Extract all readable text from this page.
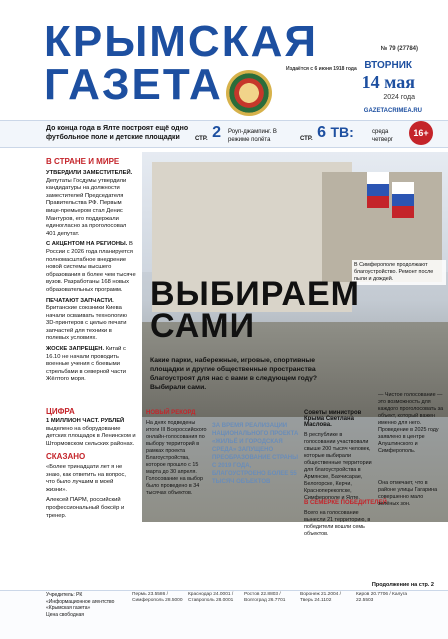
КРЫМСКАЯ
ГАЗЕТА	Издаётся с 6 июня 1918 года
№ 79 (27784)
ВТОРНИК
14 мая
2024 года
GAZETACRIMEA.RU
До конца года в Ялте построят ещё одно футбольное поле и детские площадки	СТР. 2 Роуп-джампинг. В режиме полёта	СТР. 6 ТВ:	среда четверг
16+
В СТРАНЕ И МИРЕ

УТВЕРДИЛИ ЗАМЕСТИТЕЛЕЙ. Депутаты Госдумы утвердили кандидатуры на должности заместителей Председателя Правительства РФ. Первым вице-премьером стал Денис Мантуров, его поддержали единогласно за проголосовал 401 депутат.

С АКЦЕНТОМ НА РЕГИОНЫ. В России с 2026 года планируется полномасштабное внедрение новой системы высшего образования в более чем тысяче вузов. Разработаны 168 новых образовательных программ.

ПЕЧАТАЮТ ЗАПЧАСТИ. Британские союзники Киева начали осваивать технологию 3D-принтеров с целью печати запчастей для техники в полевых условиях.

ЖОСКЕ ЗАПРЕЩЕН. Китай с 16.10 не начали проводить военные учения с боевыми стрельбами в северной части Жёлтого моря.

ЦИФРА

1 МИЛЛИОН ЧАСТ. РУБЛЕЙ выделено на оборудование детских площадок в Ленинском и Штормовском сельских районах.

СКАЗАНО

«Более тринадцати лет я не знаю, как ответить на вопрос, что было лучшим в моей жизни».

Алексей ПАРМ, российский профессиональный боксёр и тренер.

В Симферополе продолжают благоустройство. Ремонт после пыли и дождей.
ВЫБИРАЕМ
САМИ
Какие парки, набережные, игровые, спортивные площадки и другие общественные пространства благоустроят для нас с вами в следующем году? Выбирали сами.
НОВЫЙ РЕКОРД
На днях подведены итоги III Всероссийского онлайн-голосования по выбору территорий в рамках проекта Благоустройства, которое прошло с 15 марта до 30 апреля. Голосование на выбор было проведено в 34 тысячах объектов.
ЗА ВРЕМЯ РЕАЛИЗАЦИИ НАЦИОНАЛЬНОГО ПРОЕКТА «ЖИЛЬЁ И ГОРОДСКАЯ СРЕДА» ЗАПУЩЕНО ПРЕОБРАЗОВАНИЕ СТРАНЫ С 2019 ГОДА, БЛАГОУСТРОЕНО БОЛЕЕ 55 ТЫСЯЧ ОБЪЕКТОВ
Советы министров Крыма Светлана Маслова.
В республике в голосовании участвовали свыше 200 тысяч человек, которые выбирали общественные территории для благоустройства в Армянске, Бахчисарае, Белогорске, Керчи, Красноперекопске, Симферополе и Ялте.
В СЕМЁРКЕ ПОБЕДИТЕЛЕЙ
Всего на голосование вынесли 21 территорию, в победители вошли семь объектов.
— Чистое голосование — это возможность для каждого проголосовать за объект, который важен именно для него. Проведение в 2025 году заявлено в центре Алуштинского и Симферополь.
Она отмечает, что в районе улицы Гагарина совершенно мало зелёных зон.
Продолжение на стр. 2
Учредитель: РК
«Информационное агентство «Крымская газета»
Цена свободная
Пермь 23.5586 / Симферополь 28.5000
Краснодар 24.0001 / Ставрополь 28.0001
Ростов 22.8803 / Волгоград 26.7701
Воронеж 21.2004 / Тверь 24.1102
Киров 20.7706 / Калуга 22.5503
